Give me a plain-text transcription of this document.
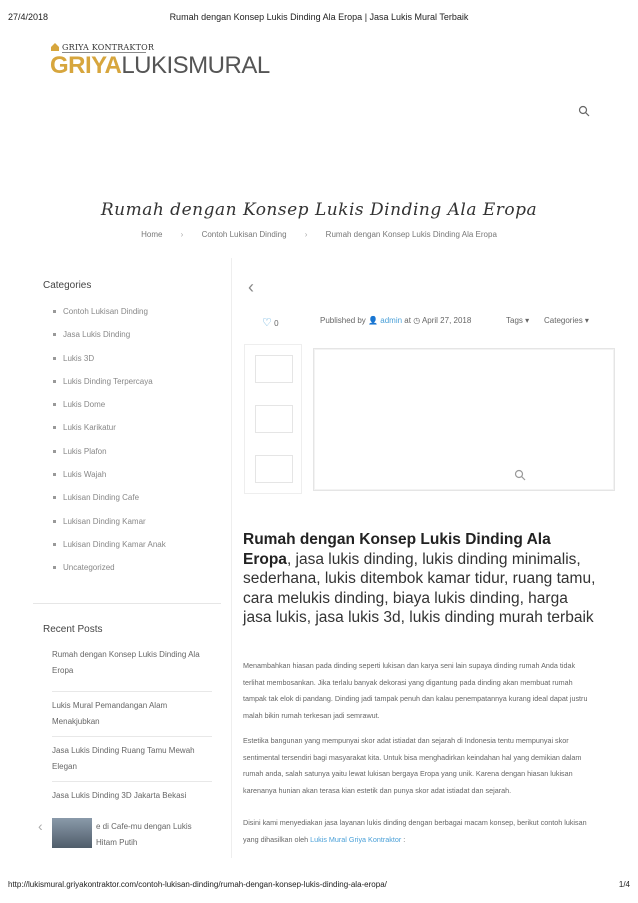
27/4/2018	Rumah dengan Konsep Lukis Dinding Ala Eropa | Jasa Lukis Mural Terbaik
GRIYA KONTRAKTOR
GRIYALUKISMURAL
Rumah dengan Konsep Lukis Dinding Ala Eropa
Home › Contoh Lukisan Dinding › Rumah dengan Konsep Lukis Dinding Ala Eropa
Categories
Contoh Lukisan Dinding
Jasa Lukis Dinding
Lukis 3D
Lukis Dinding Terpercaya
Lukis Dome
Lukis Karikatur
Lukis Plafon
Lukis Wajah
Lukisan Dinding Cafe
Lukisan Dinding Kamar
Lukisan Dinding Kamar Anak
Uncategorized
Recent Posts
Rumah dengan Konsep Lukis Dinding Ala Eropa
Lukis Mural Pemandangan Alam Menakjubkan
Jasa Lukis Dinding Ruang Tamu Mewah Elegan
Jasa Lukis Dinding 3D Jakarta Bekasi
‹	e di Cafe-mu dengan Lukis Hitam Putih
‹
♡ 0	Published by 👤 admin at ◷ April 27, 2018	Tags ▾ Categories ▾
Rumah dengan Konsep Lukis Dinding Ala Eropa, jasa lukis dinding, lukis dinding minimalis, sederhana, lukis ditembok kamar tidur, ruang tamu, cara melukis dinding, biaya lukis dinding, harga jasa lukis, jasa lukis 3d, lukis dinding murah terbaik

Menambahkan hiasan pada dinding seperti lukisan dan karya seni lain supaya dinding rumah Anda tidak terlihat membosankan. Jika terlalu banyak dekorasi yang digantung pada dinding akan membuat rumah tampak tak elok di pandang. Dinding jadi tampak penuh dan kalau penempatannya kurang ideal dapat justru malah bikin rumah terkesan jadi semrawut.

Estetika bangunan yang mempunyai skor adat istiadat dan sejarah di Indonesia tentu mempunyai skor sentimental tersendiri bagi masyarakat kita. Untuk bisa menghadirkan keindahan hal yang demikian dalam rumah anda, salah satunya yaitu lewat lukisan bergaya Eropa yang unik. Karena dengan hiasan lukisan karenanya hunian akan terasa kian estetik dan punya skor adat istiadat dan sejarah.

Disini kami menyediakan jasa layanan lukis dinding dengan berbagai macam konsep, berikut contoh lukisan yang dihasilkan oleh Lukis Mural Griya Kontraktor :

http://lukismural.griyakontraktor.com/contoh-lukisan-dinding/rumah-dengan-konsep-lukis-dinding-ala-eropa/	1/4
